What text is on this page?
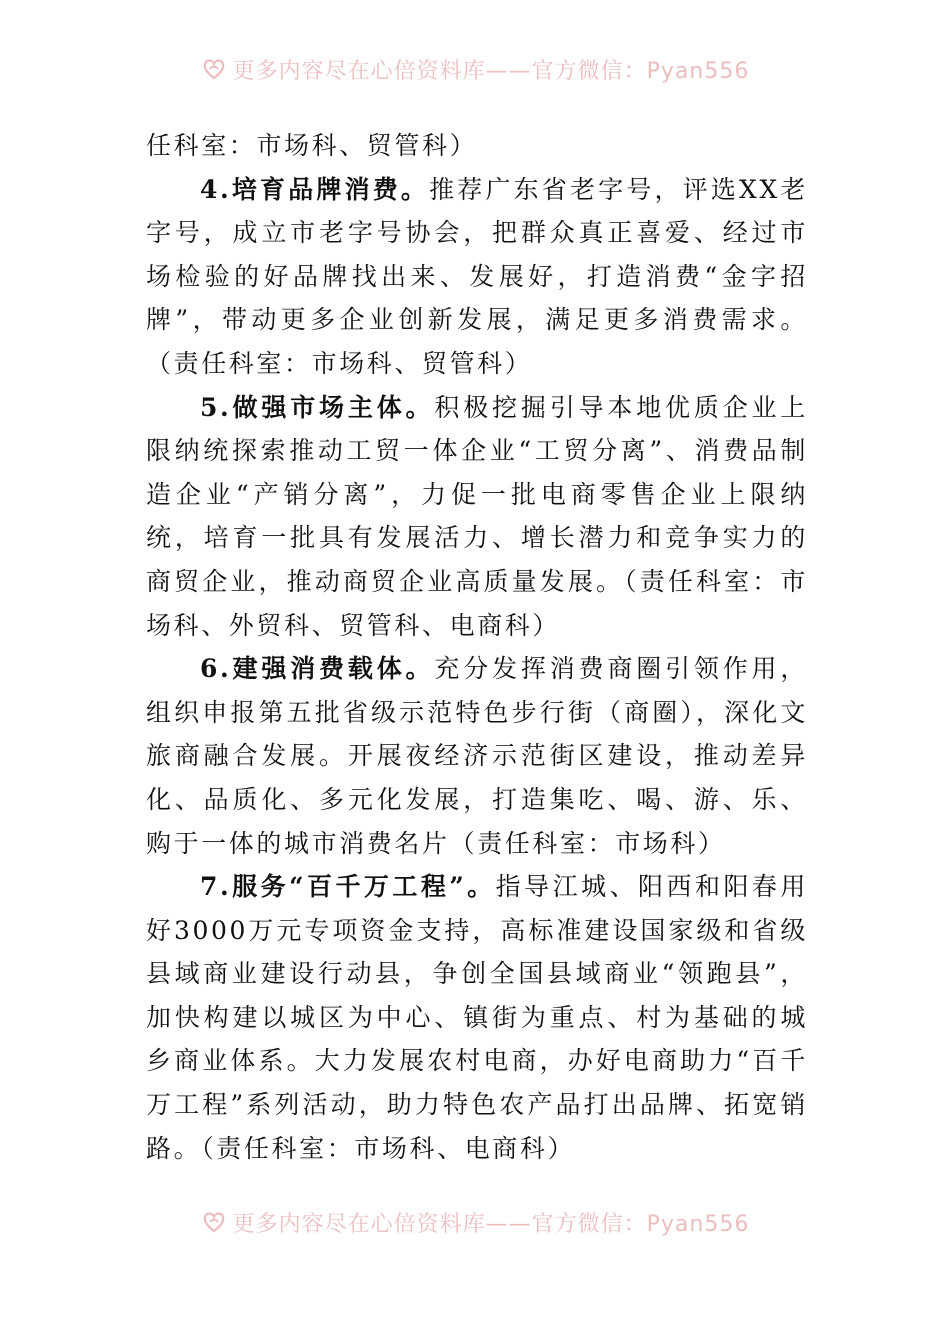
更多内容尽在心倍资料库——官方微信：Pyan556

任科室：市场科、贸管科）

4.培育品牌消费。推荐广东省老字号，评选XX老字号，成立市老字号协会，把群众真正喜爱、经过市场检验的好品牌找出来、发展好，打造消费“金字招牌”，带动更多企业创新发展，满足更多消费需求。（责任科室：市场科、贸管科）

5.做强市场主体。积极挖掘引导本地优质企业上限纳统探索推动工贸一体企业“工贸分离”、消费品制造企业“产销分离”，力促一批电商零售企业上限纳统，培育一批具有发展活力、增长潜力和竞争实力的商贸企业，推动商贸企业高质量发展。（责任科室：市场科、外贸科、贸管科、电商科）

6.建强消费载体。充分发挥消费商圈引领作用，组织申报第五批省级示范特色步行街（商圈），深化文旅商融合发展。开展夜经济示范街区建设，推动差异化、品质化、多元化发展，打造集吃、喝、游、乐、购于一体的城市消费名片（责任科室：市场科）

7.服务“百千万工程”。指导江城、阳西和阳春用好3000万元专项资金支持，高标准建设国家级和省级县域商业建设行动县，争创全国县域商业“领跑县”，加快构建以城区为中心、镇街为重点、村为基础的城乡商业体系。大力发展农村电商，办好电商助力“百千万工程”系列活动，助力特色农产品打出品牌、拓宽销路。（责任科室：市场科、电商科）

更多内容尽在心倍资料库——官方微信：Pyan556
